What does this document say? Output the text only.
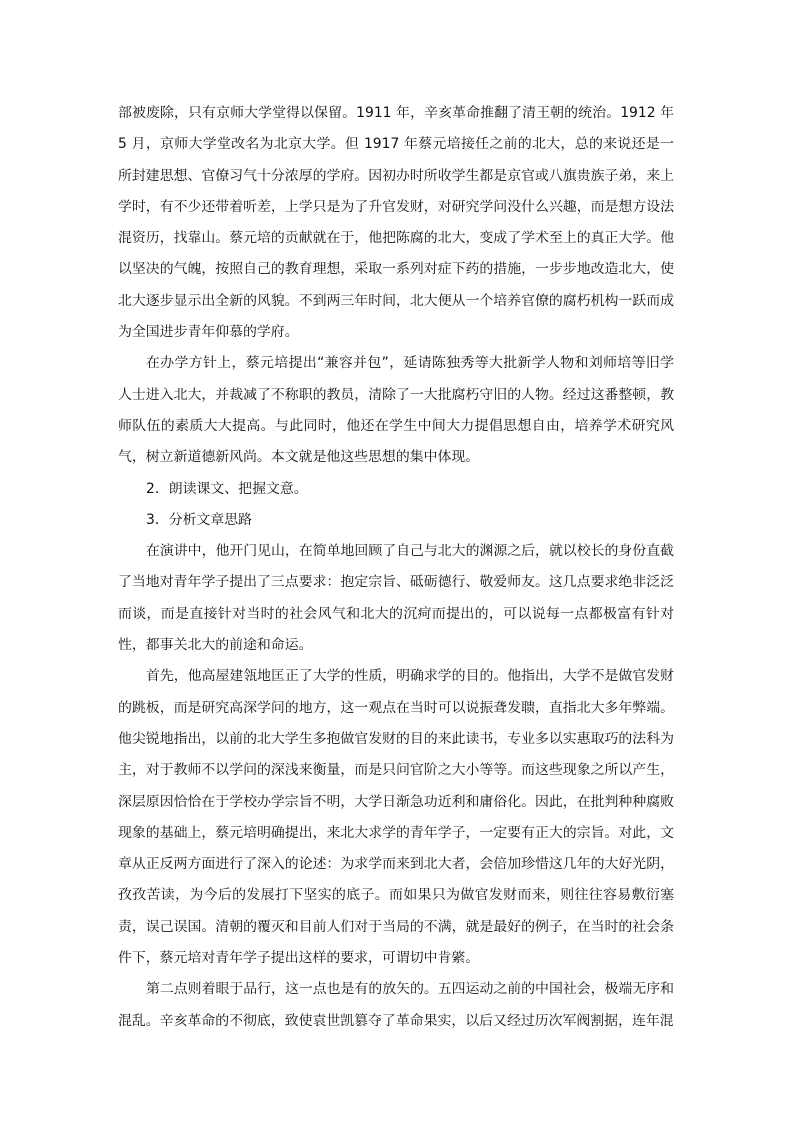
部被废除，只有京师大学堂得以保留。1911 年，辛亥革命推翻了清王朝的统治。1912 年 5 月，京师大学堂改名为北京大学。但 1917 年蔡元培接任之前的北大，总的来说还是一所封建思想、官僚习气十分浓厚的学府。因初办时所收学生都是京官或八旗贵族子弟，来上学时，有不少还带着听差，上学只是为了升官发财，对研究学问没什么兴趣，而是想方设法混资历，找靠山。蔡元培的贡献就在于，他把陈腐的北大，变成了学术至上的真正大学。他以坚决的气魄，按照自己的教育理想，采取一系列对症下药的措施，一步步地改造北大，使北大逐步显示出全新的风貌。不到两三年时间，北大便从一个培养官僚的腐朽机构一跃而成为全国进步青年仰慕的学府。

在办学方针上，蔡元培提出“兼容并包”，延请陈独秀等大批新学人物和刘师培等旧学人士进入北大，并裁减了不称职的教员，清除了一大批腐朽守旧的人物。经过这番整顿，教师队伍的素质大大提高。与此同时，他还在学生中间大力提倡思想自由，培养学术研究风气，树立新道德新风尚。本文就是他这些思想的集中体现。

2．朗读课文、把握文意。

3．分析文章思路

在演讲中，他开门见山，在简单地回顾了自己与北大的渊源之后，就以校长的身份直截了当地对青年学子提出了三点要求：抱定宗旨、砥砺德行、敬爱师友。这几点要求绝非泛泛而谈，而是直接针对当时的社会风气和北大的沉疴而提出的，可以说每一点都极富有针对性，都事关北大的前途和命运。

首先，他高屋建瓴地匡正了大学的性质，明确求学的目的。他指出，大学不是做官发财的跳板，而是研究高深学问的地方，这一观点在当时可以说振聋发聩，直指北大多年弊端。他尖锐地指出，以前的北大学生多抱做官发财的目的来此读书，专业多以实惠取巧的法科为主，对于教师不以学问的深浅来衡量，而是只问官阶之大小等等。而这些现象之所以产生，深层原因恰恰在于学校办学宗旨不明，大学日渐急功近利和庸俗化。因此，在批判种种腐败现象的基础上，蔡元培明确提出，来北大求学的青年学子，一定要有正大的宗旨。对此，文章从正反两方面进行了深入的论述：为求学而来到北大者，会倍加珍惜这几年的大好光阴，孜孜苦读，为今后的发展打下坚实的底子。而如果只为做官发财而来，则往往容易敷衍塞责，误己误国。清朝的覆灭和目前人们对于当局的不满，就是最好的例子，在当时的社会条件下，蔡元培对青年学子提出这样的要求，可谓切中肯綮。

第二点则着眼于品行，这一点也是有的放矢的。五四运动之前的中国社会，极端无序和混乱。辛亥革命的不彻底，致使袁世凯篡夺了革命果实，以后又经过历次军阀割据，连年混
